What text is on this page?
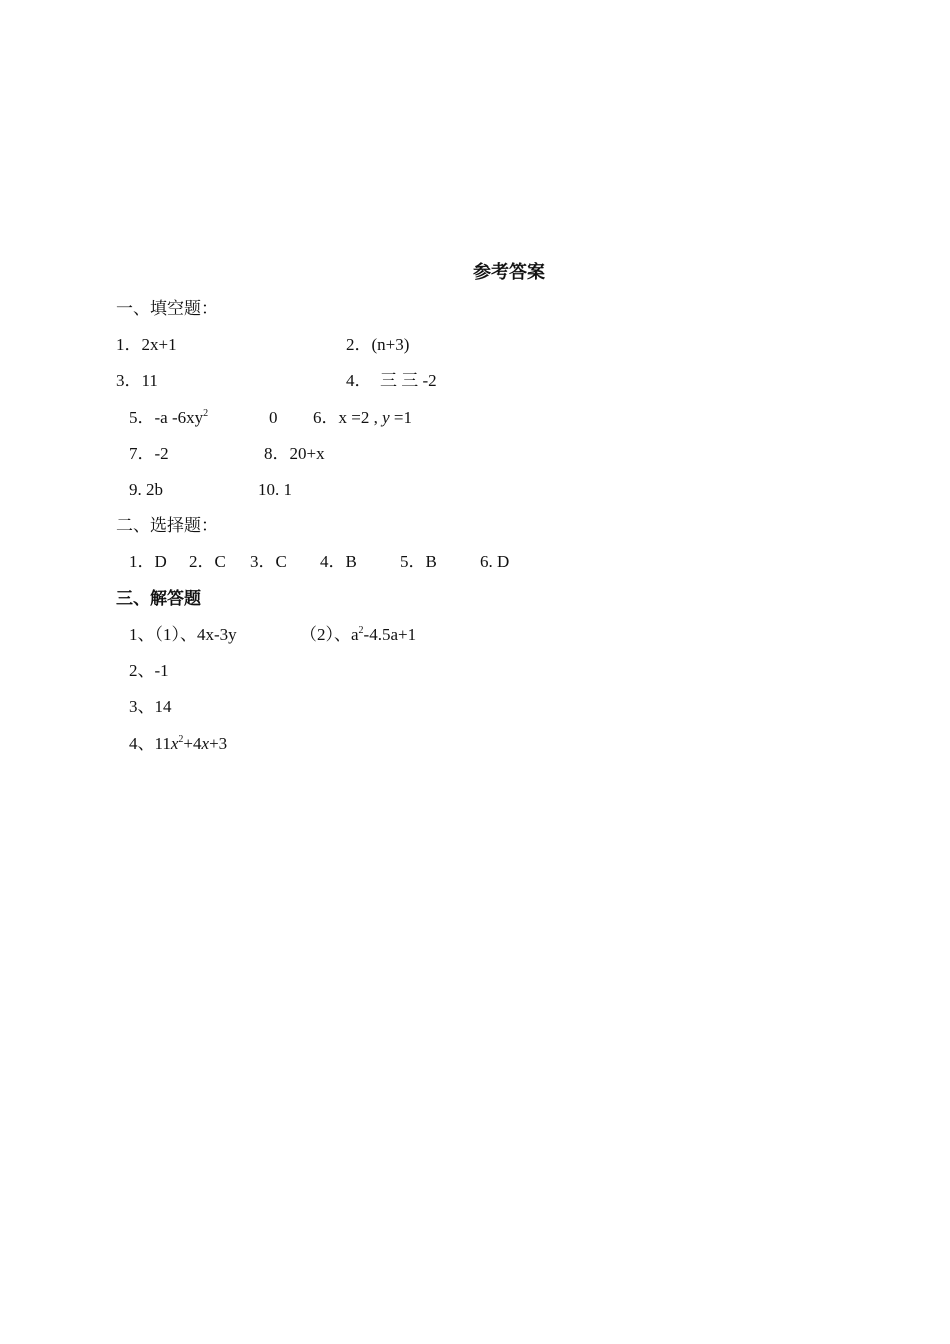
参考答案
一、填空题：
1．2x+1	2．(n+3)
3．11	4．　三 三 -2
5．-a $-6xy^2$	0 6．x =2 , y =1
7．-2	8．20+x
9. 2b	10. 1
二、选择题：
1．D 2．C 3．C 4．B	5．B	6. D
三、解答题
1、（1）、4x-3y	（2）、$a^2-4.5a+1$
2、-1
3、14
4、$11x^2+4x+3$
